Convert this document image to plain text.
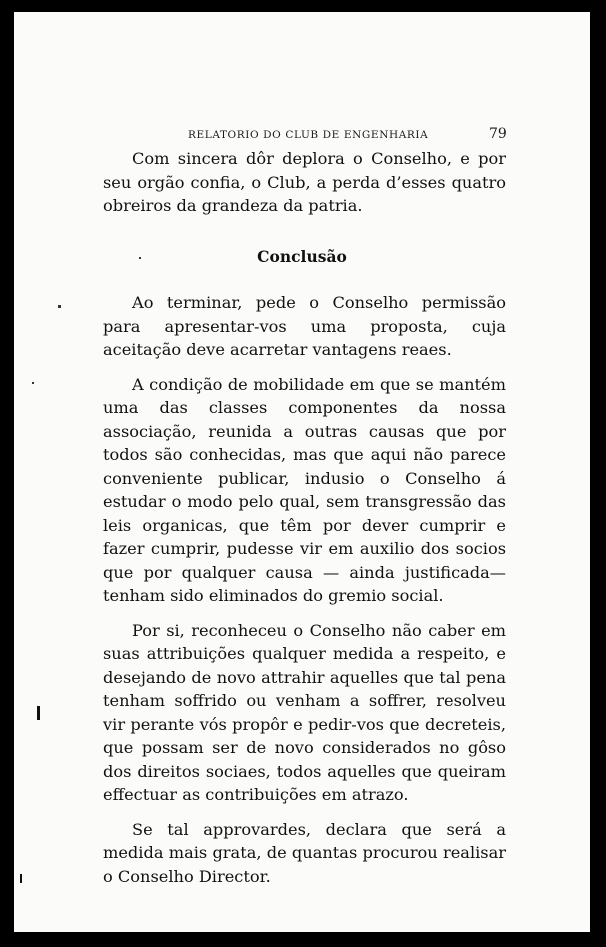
RELATORIO DO CLUB DE ENGENHARIA	79

Com sincera dôr deplora o Conselho, e por seu orgão confia, o Club, a perda d’esses quatro obreiros da grandeza da patria.

Conclusão

Ao terminar, pede o Conselho permissão para apresentar-vos uma proposta, cuja aceitação deve acarretar vantagens reaes.

A condição de mobilidade em que se mantém uma das classes componentes da nossa associação, reunida a outras causas que por todos são conhecidas, mas que aqui não parece conveniente publicar, indusio o Conselho á estudar o modo pelo qual, sem transgressão das leis organicas, que têm por dever cumprir e fazer cumprir, pudesse vir em auxilio dos socios que por qualquer causa — ainda justificada— tenham sido eliminados do gremio social.

Por si, reconheceu o Conselho não caber em suas attribuições qualquer medida a respeito, e desejando de novo attrahir aquelles que tal pena tenham soffrido ou venham a soffrer, resolveu vir perante vós propôr e pedir-vos que decreteis, que possam ser de novo considerados no gôso dos direitos sociaes, todos aquelles que queiram effectuar as contribuições em atrazo.

Se tal approvardes, declara que será a medida mais grata, de quantas procurou realisar o Conselho Director.
